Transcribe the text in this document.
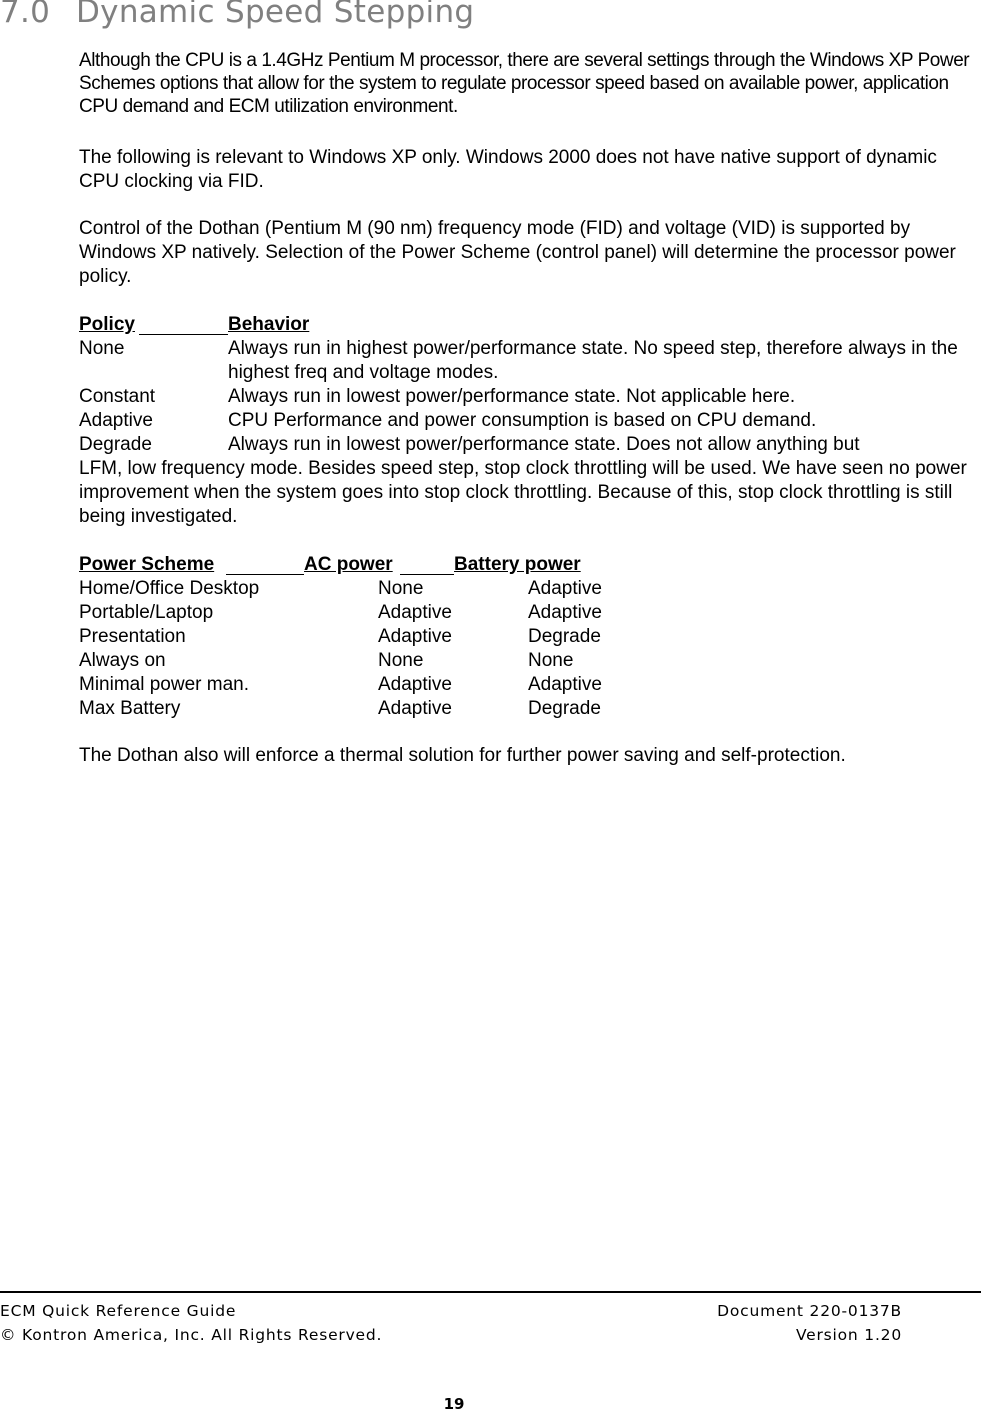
7.0 Dynamic Speed Stepping

Although the CPU is a 1.4GHz Pentium M processor, there are several settings through the Windows XP Power Schemes options that allow for the system to regulate processor speed based on available power, application CPU demand and ECM utilization environment.

The following is relevant to Windows XP only. Windows 2000 does not have native support of dynamic CPU clocking via FID.

Control of the Dothan (Pentium M (90 nm) frequency mode (FID) and voltage (VID) is supported by Windows XP natively. Selection of the Power Scheme (control panel) will determine the processor power policy.

Policy	Behavior
None	Always run in highest power/performance state. No speed step, therefore always in the highest freq and voltage modes.
Constant	Always run in lowest power/performance state. Not applicable here.
Adaptive	CPU Performance and power consumption is based on CPU demand.
Degrade	Always run in lowest power/performance state. Does not allow anything but

LFM, low frequency mode. Besides speed step, stop clock throttling will be used. We have seen no power improvement when the system goes into stop clock throttling. Because of this, stop clock throttling is still being investigated.

Power Scheme	AC power	Battery power
Home/Office Desktop	None	Adaptive
Portable/Laptop	Adaptive	Adaptive
Presentation	Adaptive	Degrade
Always on	None	None
Minimal power man.	Adaptive	Adaptive
Max Battery	Adaptive	Degrade

The Dothan also will enforce a thermal solution for further power saving and self-protection.

ECM Quick Reference Guide
© Kontron America, Inc. All Rights Reserved.
Document 220-0137B
Version 1.20
19
